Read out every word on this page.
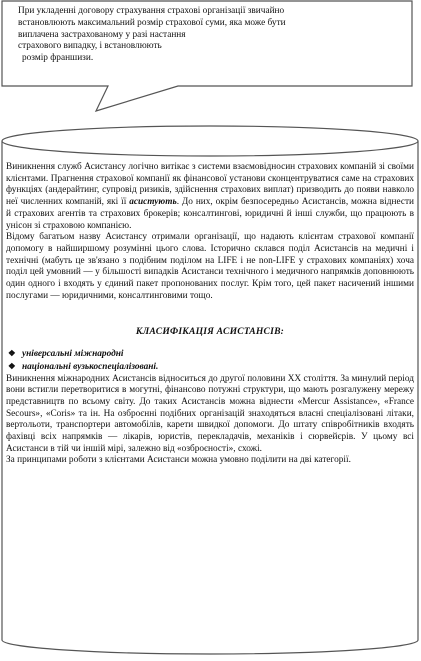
При укладенні договору страхування страхові організації звичайно
встановлюють максимальний розмір страхової суми, яка може бути
виплачена застрахованому у разі настання
страхового випадку, і встановлюють
розмір франшизи.

Виникнення служб Асистансу логічно витікає з системи взаємовідносин страхових компаній зі своїми клієнтами. Прагнення страхової компанії як фінансової установи сконцентруватися саме на страхових функціях (андерайтинг, супровід ризиків, здійснення страхових виплат) призводить до появи навколо неї численних компаній, які її асистують. До них, окрім безпосередньо Асистансів, можна віднести й страхових агентів та страхових брокерів; консалтингові, юридичні й інші служби, що працюють в унісон зі страховою компанією.

Відому багатьом назву Асистансу отримали організації, що надають клієнтам страхової компанії допомогу в найширшому розумінні цього слова. Історично склався поділ Асистансів на медичні і технічні (мабуть це зв'язано з подібним поділом на LIFE і не non-LIFE у страхових компаніях) хоча поділ цей умовний — у більшості випадків Асистанси технічного і медичного напрямків доповнюють один одного і входять у єдиний пакет пропонованих послуг. Крім того, цей пакет насичений іншими послугами — юридичними, консалтинговими тощо.

КЛАСИФІКАЦІЯ АСИСТАНСІВ:
❖ універсальні міжнародні
❖ національні вузькоспеціалізовані.

Виникнення міжнародних Асистансів відноситься до другої половини XX століття. За минулий період вони встигли перетворитися в могутні, фінансово потужні структури, що мають розгалужену мережу представництв по всьому світу. До таких Асистансів можна віднести «Mercur Assistance», «France Secours», «Coris» та ін. На озброєнні подібних організацій знаходяться власні спеціалізовані літаки, вертольоти, транспортери автомобілів, карети швидкої допомоги. До штату співробітників входять фахівці всіх напрямків — лікарів, юристів, перекладачів, механіків і сюрвейєрів. У цьому всі Асистанси в тій чи іншій мірі, залежно від «озброєності», схожі.

За принципами роботи з клієнтами Асистанси можна умовно поділити на дві категорії.
